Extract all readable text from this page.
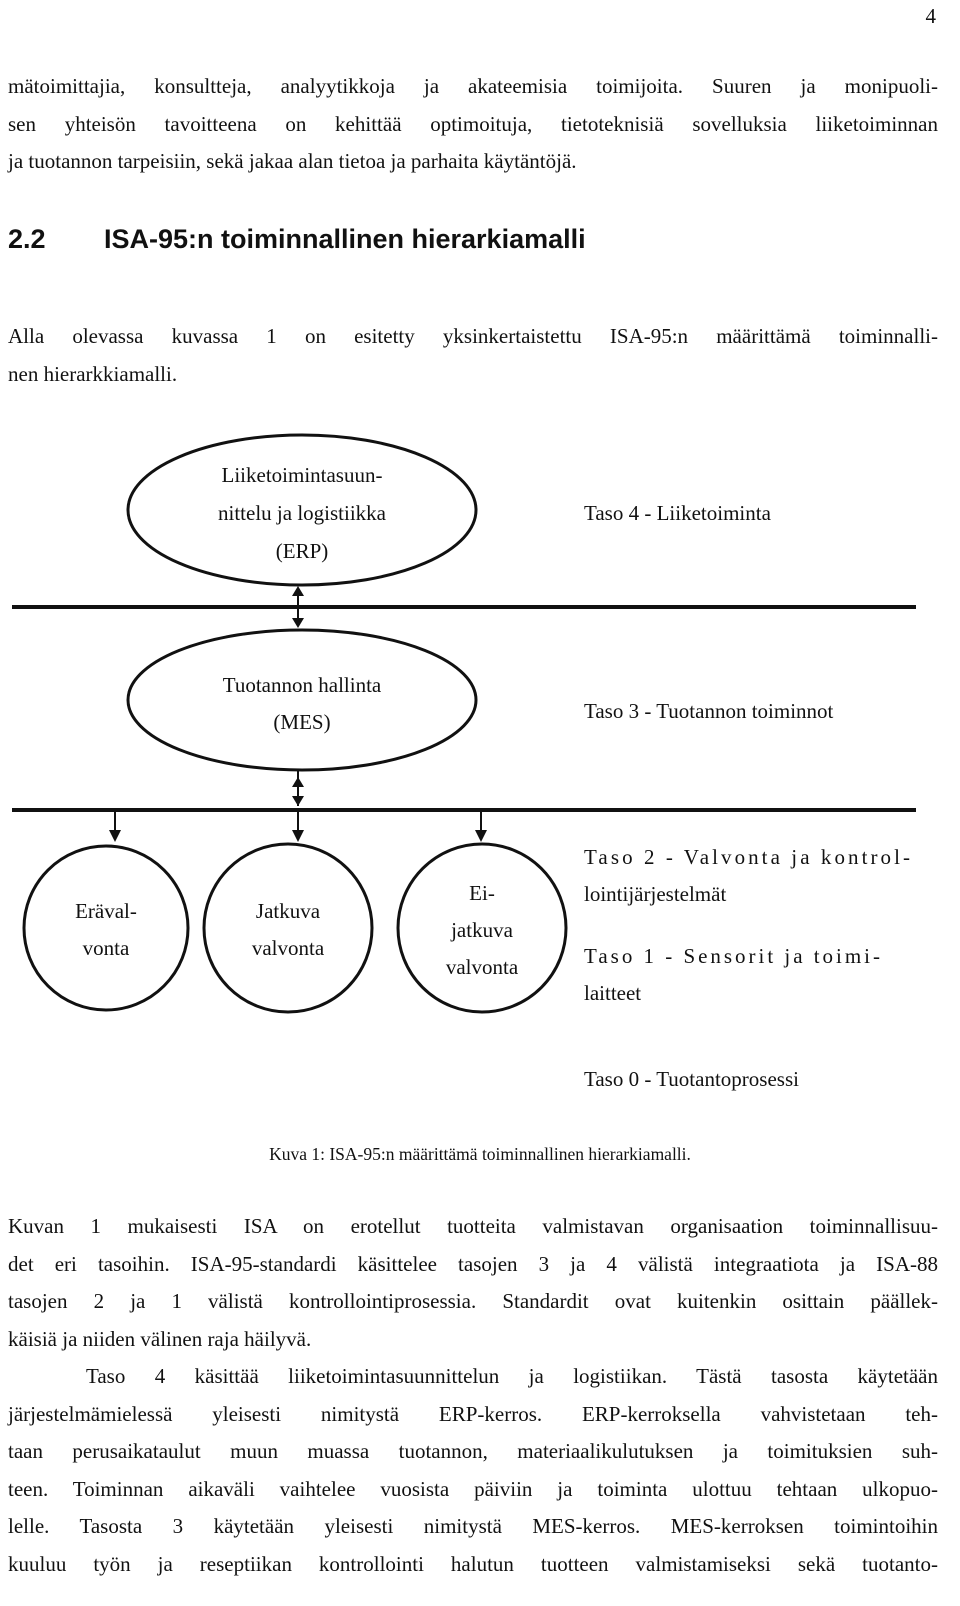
4
mätoimittajia, konsultteja, analyytikkoja ja akateemisia toimijoita. Suuren ja monipuoli-
sen yhteisön tavoitteena on kehittää optimoituja, tietoteknisiä sovelluksia liiketoiminnan
ja tuotannon tarpeisiin, sekä jakaa alan tietoa ja parhaita käytäntöjä.
2.2 ISA-95:n toiminnallinen hierarkiamalli
Alla olevassa kuvassa 1 on esitetty yksinkertaistettu ISA-95:n määrittämä toiminnalli-
nen hierarkkiamalli.
Liiketoimintasuun-
nittelu ja logistiikka
(ERP)
Tuotannon hallinta
(MES)
Eräval-
vonta
Jatkuva
valvonta
Ei-
jatkuva
valvonta
Taso 4 - Liiketoiminta
Taso 3 - Tuotannon toiminnot
Taso 2 - Valvonta ja kontrol-
lointijärjestelmät
Taso 1 - Sensorit ja toimi-
laitteet
Taso 0 - Tuotantoprosessi
Kuva 1: ISA-95:n määrittämä toiminnallinen hierarkiamalli.
Kuvan 1 mukaisesti ISA on erotellut tuotteita valmistavan organisaation toiminnallisuu-
det eri tasoihin. ISA-95-standardi käsittelee tasojen 3 ja 4 välistä integraatiota ja ISA-88
tasojen 2 ja 1 välistä kontrollointiprosessia. Standardit ovat kuitenkin osittain päällek-
käisiä ja niiden välinen raja häilyvä.
Taso 4 käsittää liiketoimintasuunnittelun ja logistiikan. Tästä tasosta käytetään
järjestelmämielessä yleisesti nimitystä ERP-kerros. ERP-kerroksella vahvistetaan teh-
taan perusaikataulut muun muassa tuotannon, materiaalikulutuksen ja toimituksien suh-
teen. Toiminnan aikaväli vaihtelee vuosista päiviin ja toiminta ulottuu tehtaan ulkopuo-
lelle. Tasosta 3 käytetään yleisesti nimitystä MES-kerros. MES-kerroksen toimintoihin
kuuluu työn ja reseptiikan kontrollointi halutun tuotteen valmistamiseksi sekä tuotanto-
